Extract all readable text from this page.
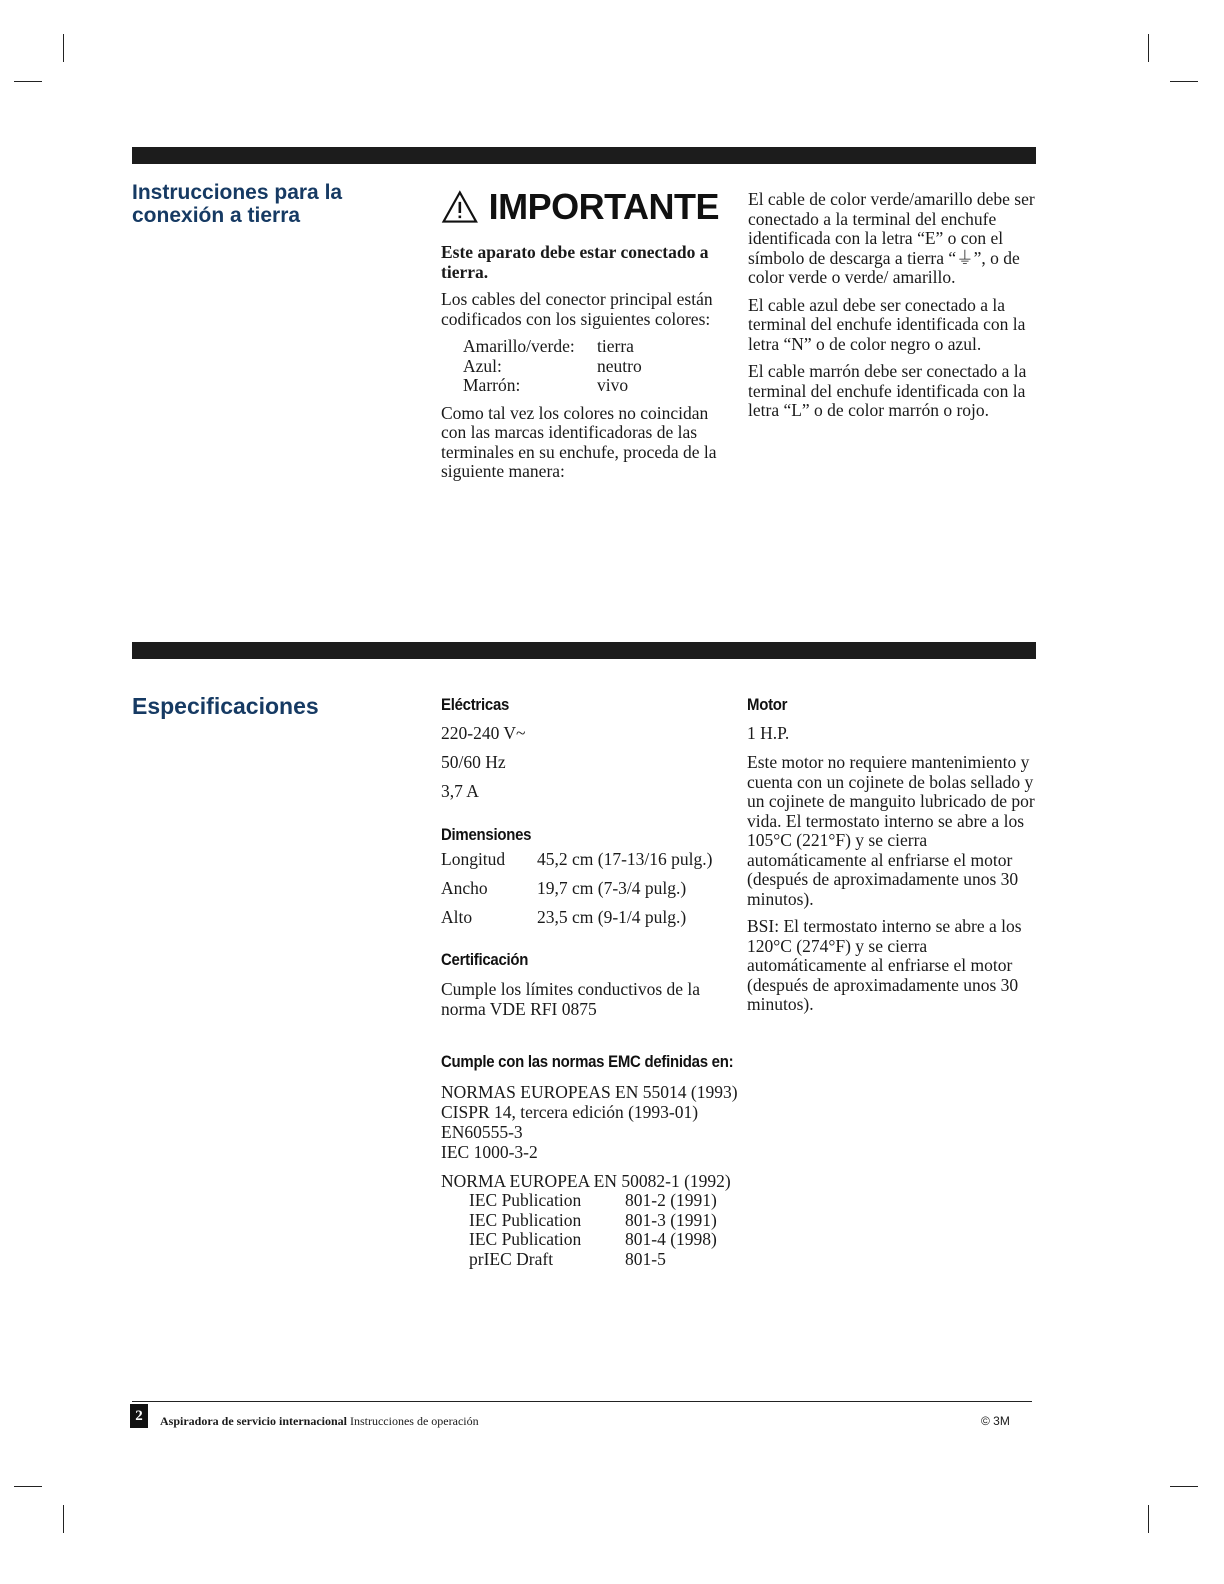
Instrucciones para la conexión a tierra	IMPORTANTE
Este aparato debe estar conectado a tierra.
Los cables del conector principal están codificados con los siguientes colores:
Amarillo/verde:	tierra
Azul:	neutro
Marrón:	vivo
Como tal vez los colores no coincidan con las marcas identificadoras de las terminales en su enchufe, proceda de la siguiente manera:
El cable de color verde/amarillo debe ser conectado a la terminal del enchufe identificada con la letra “E” o con el símbolo de descarga a tierra “⏚”, o de color verde o verde/ amarillo.
El cable azul debe ser conectado a la terminal del enchufe identificada con la letra “N” o de color negro o azul.
El cable marrón debe ser conectado a la terminal del enchufe identificada con la letra “L” o de color marrón o rojo.
Especificaciones	Eléctricas
220-240 V~
50/60 Hz
3,7 A
Dimensiones
Longitud	45,2 cm (17-13/16 pulg.)
Ancho	19,7 cm (7-3/4 pulg.)
Alto	23,5 cm (9-1/4 pulg.)
Certificación
Cumple los límites conductivos de la norma VDE RFI 0875
Motor
1 H.P.
Este motor no requiere mantenimiento y cuenta con un cojinete de bolas sellado y un cojinete de manguito lubricado de por vida. El termostato interno se abre a los 105°C (221°F) y se cierra automáticamente al enfriarse el motor (después de aproximadamente unos 30 minutos).
BSI: El termostato interno se abre a los 120°C (274°F) y se cierra automáticamente al enfriarse el motor (después de aproximadamente unos 30 minutos).
Cumple con las normas EMC definidas en:
NORMAS EUROPEAS EN 55014 (1993)
CISPR 14, tercera edición (1993-01)
EN60555-3
IEC 1000-3-2
NORMA EUROPEA EN 50082-1 (1992)
IEC Publication	801-2 (1991)
IEC Publication	801-3 (1991)
IEC Publication	801-4 (1998)
prIEC Draft	801-5
2	Aspiradora de servicio internacional Instrucciones de operación	© 3M
